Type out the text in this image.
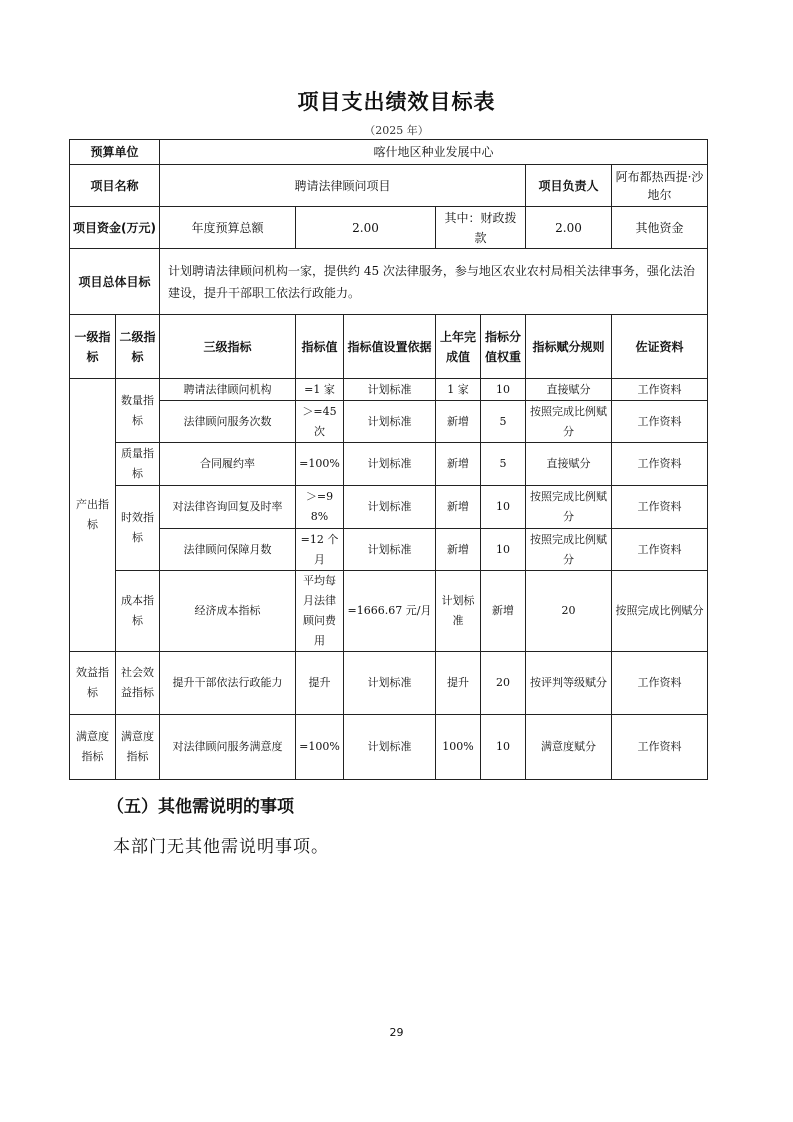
项目支出绩效目标表
（2025 年）
预算单位		喀什地区种业发展中心							
项目名称		聘请法律顾问项目					项目负责人	阿布都热西提·沙地尔	
项目资金(万元)		年度预算总额	2.00		其中：财政拨款		2.00	其他资金	
项目总体目标		计划聘请法律顾问机构一家，提供约 45 次法律服务，参与地区农业农村局相关法律事务，强化法治建设，提升干部职工依法行政能力。							
一级指标	二级指标	三级指标	指标值	指标值设置依据	上年完成值	指标分值权重	指标赋分规则	佐证资料	
产出指标	数量指标	聘请法律顾问机构	=1 家	计划标准	1 家	10	直接赋分	工作资料	
		法律顾问服务次数	＞=45次	计划标准	新增	5	按照完成比例赋分	工作资料	
	质量指标	合同履约率	=100%	计划标准	新增	5	直接赋分	工作资料	
	时效指标	对法律咨询回复及时率	＞=98%	计划标准	新增	10	按照完成比例赋分	工作资料	
		法律顾问保障月数	=12 个月	计划标准	新增	10	按照完成比例赋分	工作资料	
	成本指标	经济成本指标	平均每月法律顾问费用	=1666.67 元/月	计划标准	新增	20	按照完成比例赋分	
效益指标	社会效益指标	提升干部依法行政能力	提升	计划标准	提升	20	按评判等级赋分	工作资料	
满意度指标	满意度指标	对法律顾问服务满意度	=100%	计划标准	100%	10	满意度赋分	工作资料	
（五）其他需说明的事项
本部门无其他需说明事项。
29
